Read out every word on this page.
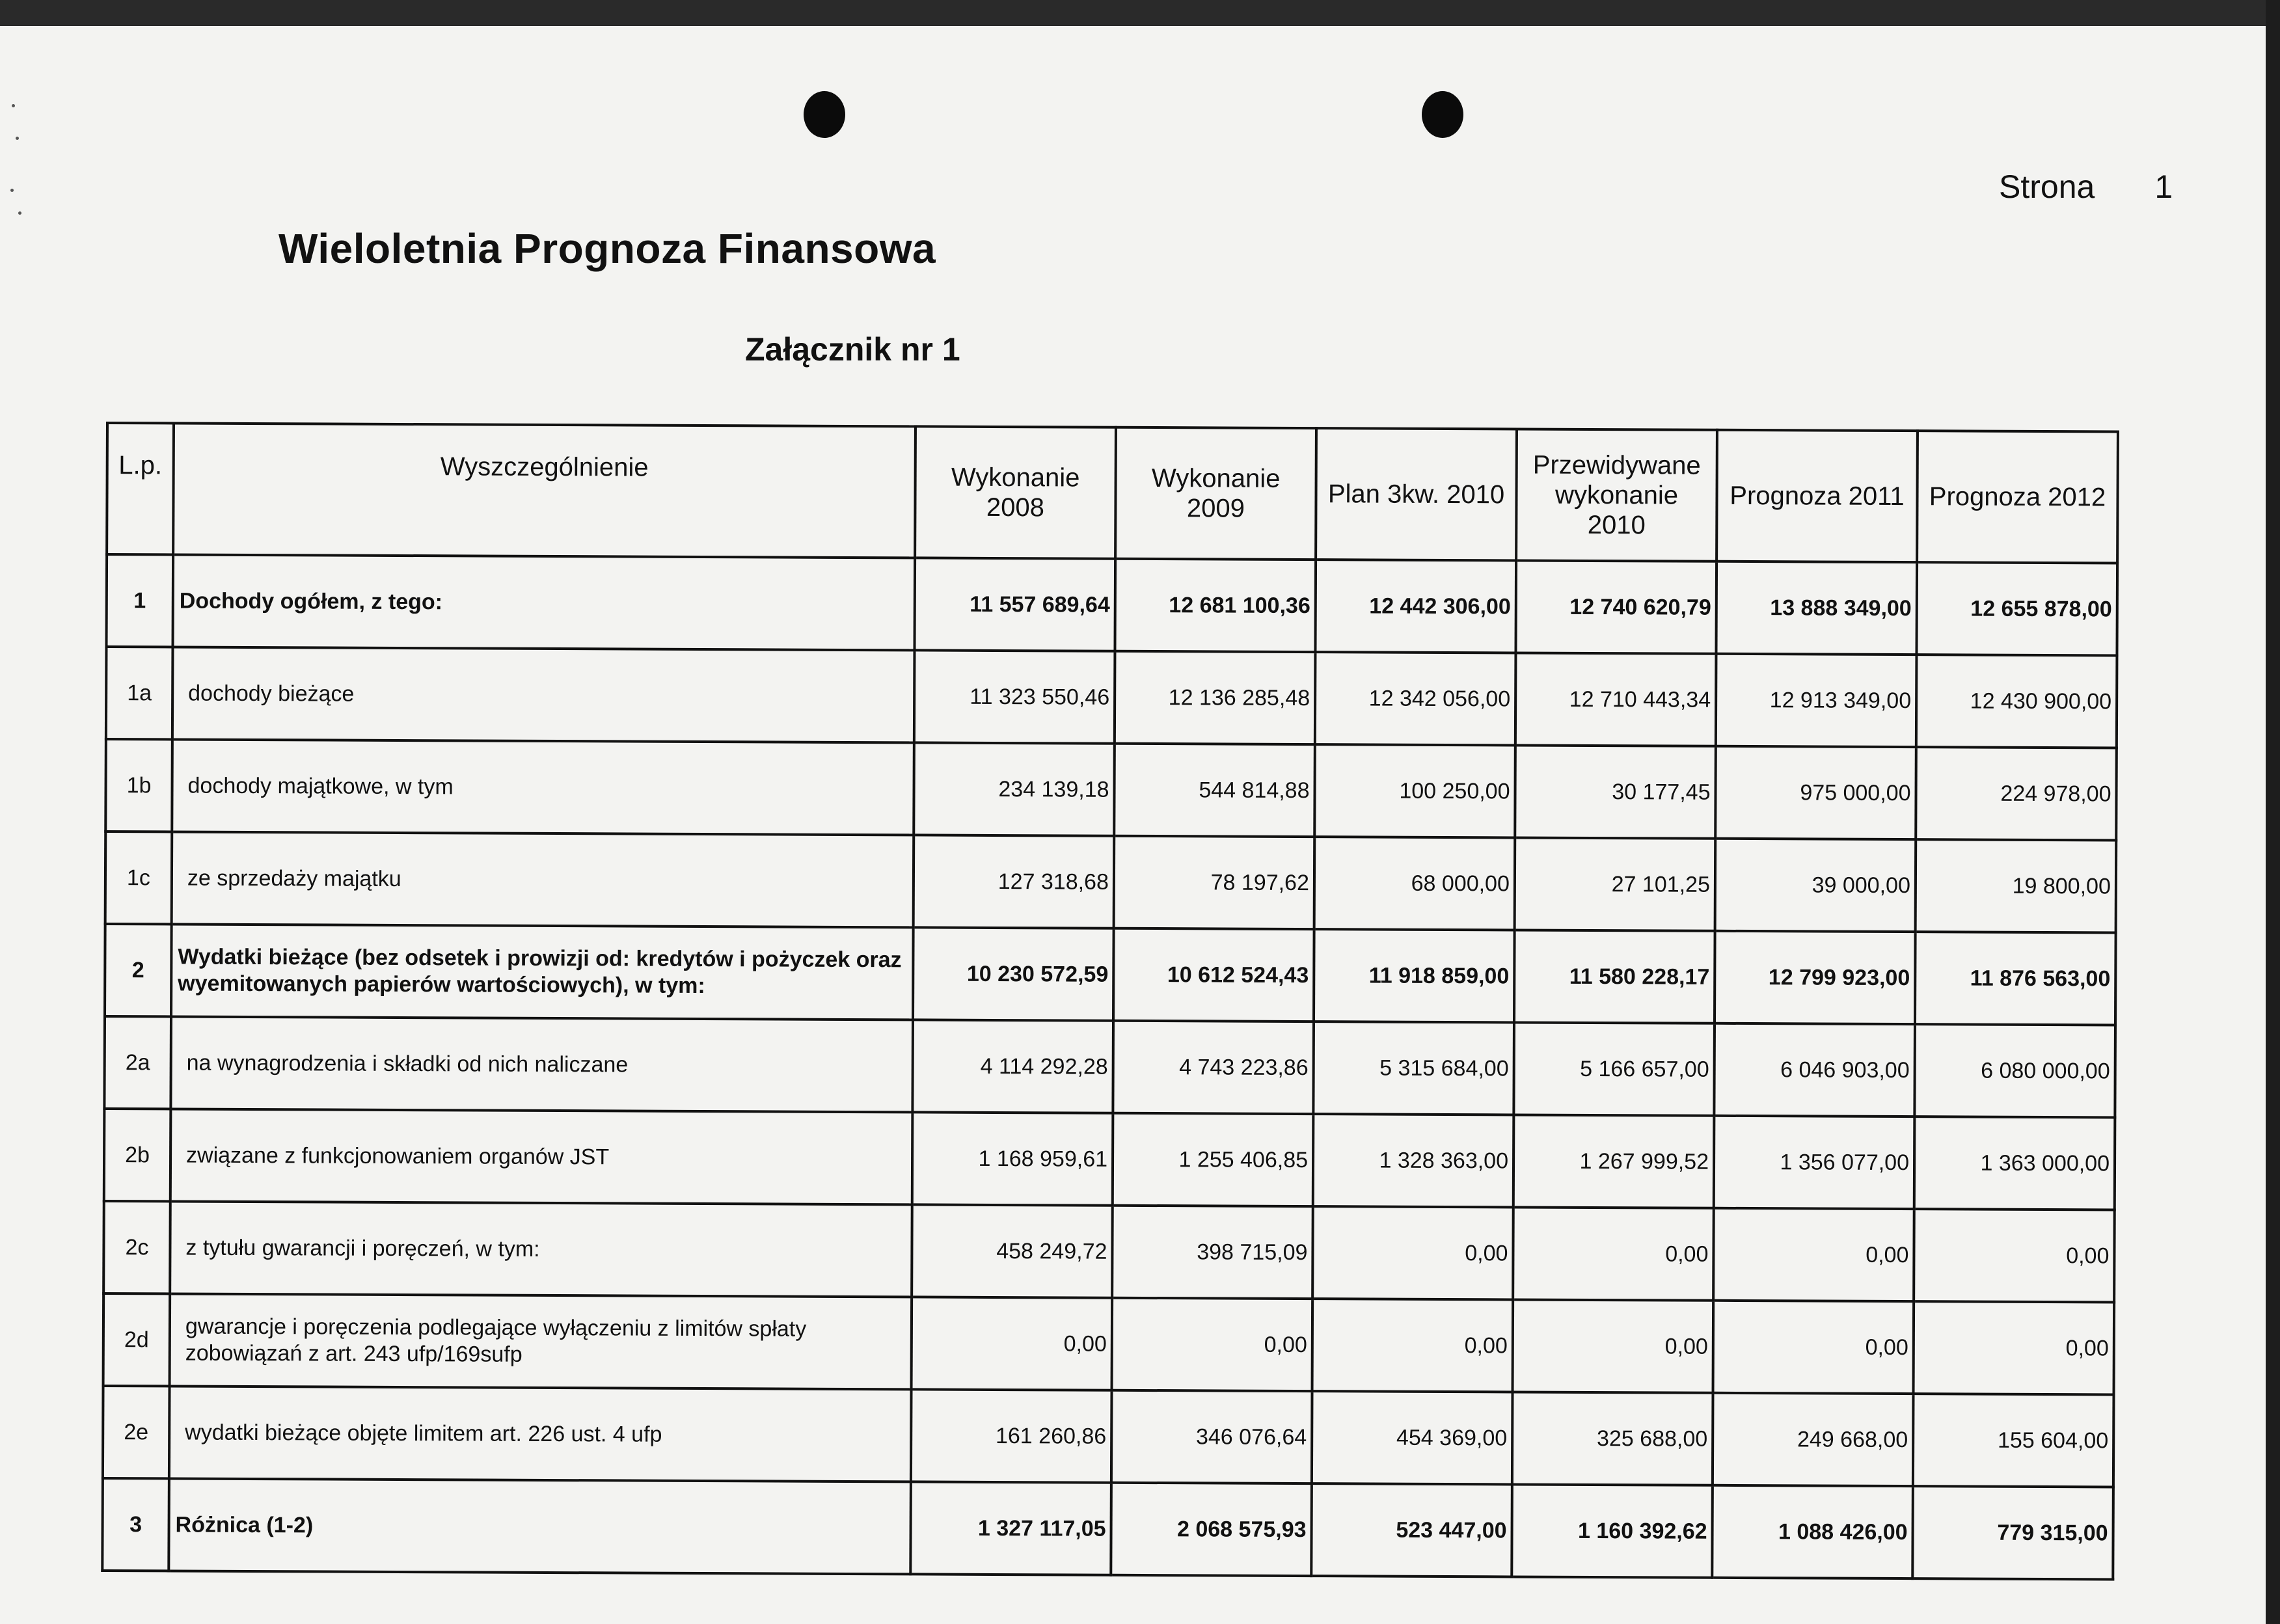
Strona 1
Wieloletnia Prognoza Finansowa
Załącznik nr 1
L.p.	Wyszczególnienie	Wykonanie 2008	Wykonanie 2009	Plan 3kw. 2010	Przewidywane wykonanie 2010	Prognoza 2011	Prognoza 2012
1	Dochody ogółem, z tego:	11 557 689,64	12 681 100,36	12 442 306,00	12 740 620,79	13 888 349,00	12 655 878,00
1a	dochody bieżące	11 323 550,46	12 136 285,48	12 342 056,00	12 710 443,34	12 913 349,00	12 430 900,00
1b	dochody majątkowe, w tym	234 139,18	544 814,88	100 250,00	30 177,45	975 000,00	224 978,00
1c	ze sprzedaży majątku	127 318,68	78 197,62	68 000,00	27 101,25	39 000,00	19 800,00
2	Wydatki bieżące (bez odsetek i prowizji od: kredytów i pożyczek oraz wyemitowanych papierów wartościowych), w tym:	10 230 572,59	10 612 524,43	11 918 859,00	11 580 228,17	12 799 923,00	11 876 563,00
2a	na wynagrodzenia i składki od nich naliczane	4 114 292,28	4 743 223,86	5 315 684,00	5 166 657,00	6 046 903,00	6 080 000,00
2b	związane z funkcjonowaniem organów JST	1 168 959,61	1 255 406,85	1 328 363,00	1 267 999,52	1 356 077,00	1 363 000,00
2c	z tytułu gwarancji i poręczeń, w tym:	458 249,72	398 715,09	0,00	0,00	0,00	0,00
2d	gwarancje i poręczenia podlegające wyłączeniu z limitów spłaty zobowiązań z art. 243 ufp/169sufp	0,00	0,00	0,00	0,00	0,00	0,00
2e	wydatki bieżące objęte limitem art. 226 ust. 4 ufp	161 260,86	346 076,64	454 369,00	325 688,00	249 668,00	155 604,00
3	Różnica (1-2)	1 327 117,05	2 068 575,93	523 447,00	1 160 392,62	1 088 426,00	779 315,00
